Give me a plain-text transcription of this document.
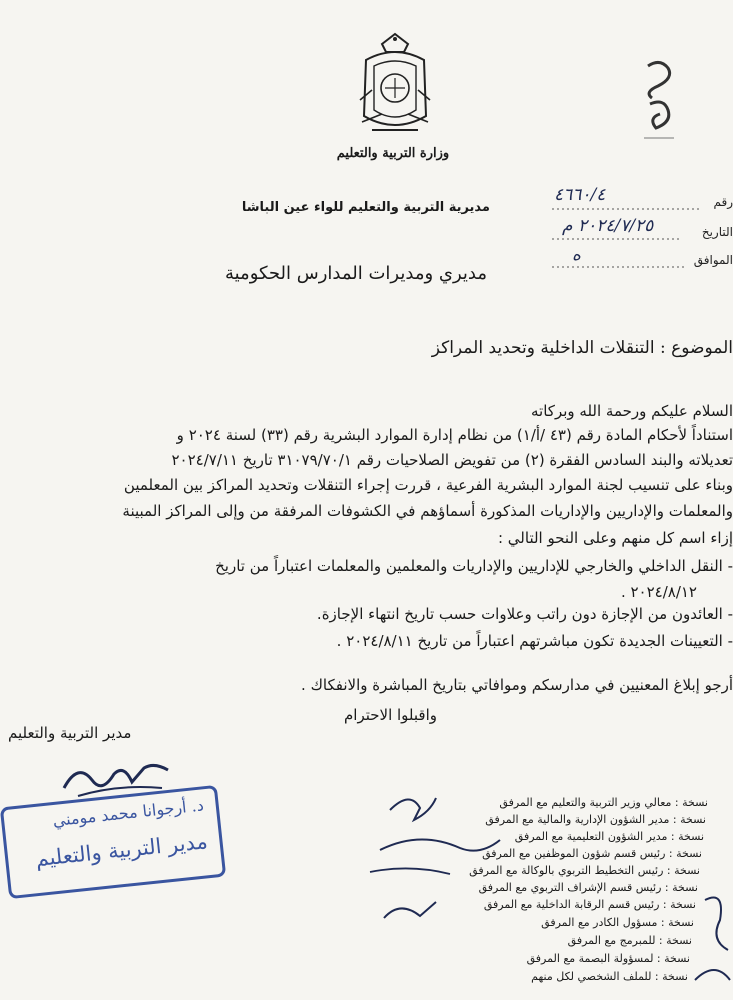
وزارة التربية والتعليم
مديرية التربية والتعليم للواء عين الباشا	رقم
٤٦٦٠/٤
التاريخ
٢٠٢٤/٧/٢٥ م
الموافق
ه
مديري ومديرات المدارس الحكومية
الموضوع : التنقلات الداخلية وتحديد المراكز
السلام عليكم ورحمة الله وبركاته
استناداً لأحكام المادة رقم (٤٣ /أ/١) من نظام إدارة الموارد البشرية رقم (٣٣) لسنة ٢٠٢٤ و
تعديلاته والبند السادس الفقرة (٢) من تفويض الصلاحيات رقم ٣١٠٧٩/٧٠/١ تاريخ ٢٠٢٤/٧/١١
وبناء على تنسيب لجنة الموارد البشرية الفرعية ، قررت إجراء التنقلات وتحديد المراكز بين المعلمين
والمعلمات والإداريين والإداريات المذكورة أسماؤهم في الكشوفات المرفقة من وإلى المراكز المبينة
إزاء اسم كل منهم وعلى النحو التالي :
- النقل الداخلي والخارجي للإداريين والإداريات والمعلمين والمعلمات اعتباراً من تاريخ
٢٠٢٤/٨/١٢ .
- العائدون من الإجازة دون راتب وعلاوات حسب تاريخ انتهاء الإجازة.
- التعيينات الجديدة تكون مباشرتهم اعتباراً من تاريخ ٢٠٢٤/٨/١١ .
أرجو إبلاغ المعنيين في مدارسكم وموافاتي بتاريخ المباشرة والانفكاك .
واقبلوا الاحترام
مدير التربية والتعليم
د. أرجوانا محمد مومني
مدير التربية والتعليم
نسخة : معالي وزير التربية والتعليم مع المرفق
نسخة : مدير الشؤون الإدارية والمالية مع المرفق
نسخة : مدير الشؤون التعليمية مع المرفق
نسخة : رئيس قسم شؤون الموظفين مع المرفق
نسخة : رئيس التخطيط التربوي بالوكالة مع المرفق
نسخة : رئيس قسم الإشراف التربوي مع المرفق
نسخة : رئيس قسم الرقابة الداخلية مع المرفق
نسخة : مسؤول الكادر مع المرفق
نسخة : للمبرمج مع المرفق
نسخة : لمسؤولة البصمة مع المرفق
نسخة : للملف الشخصي لكل منهم
